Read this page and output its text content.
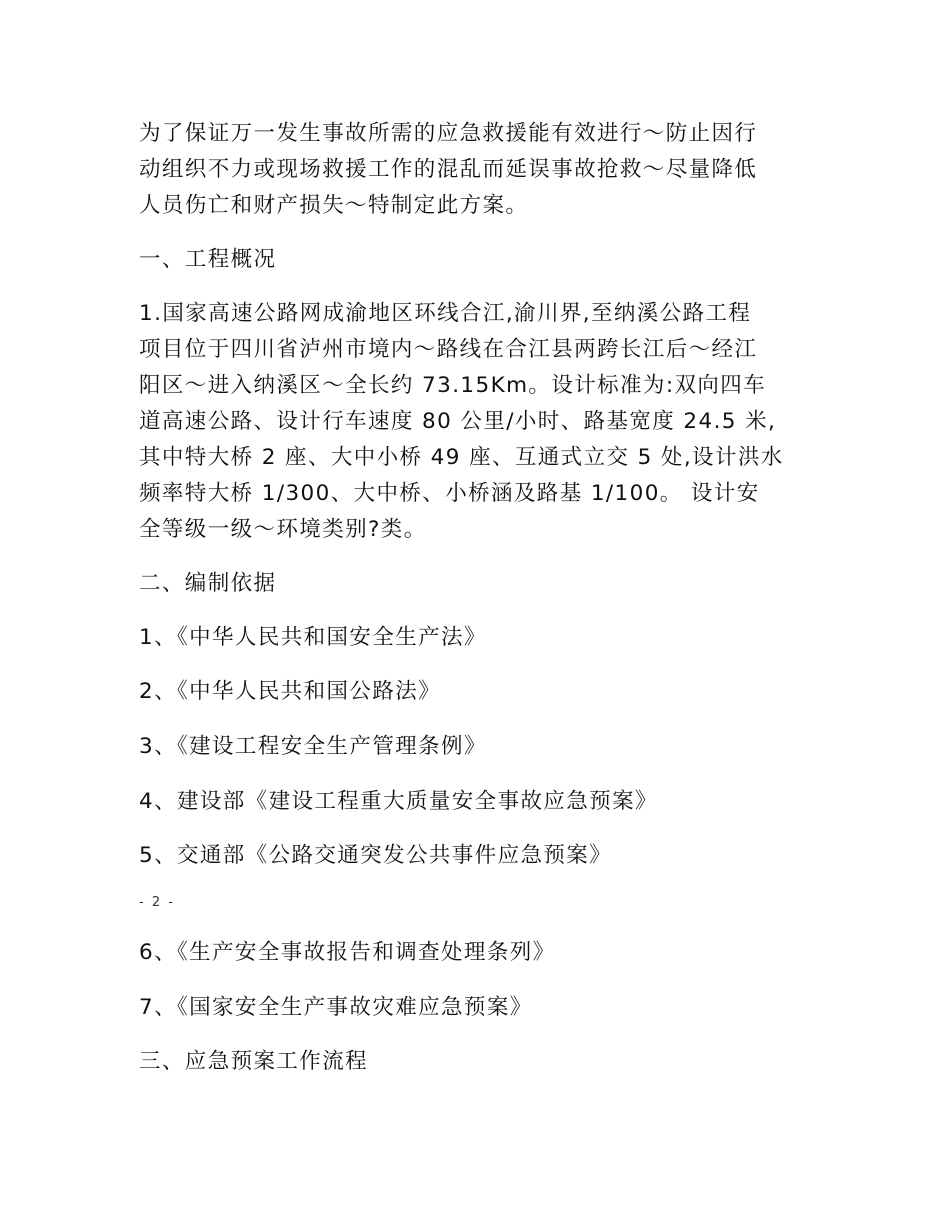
为了保证万一发生事故所需的应急救援能有效进行～防止因行
动组织不力或现场救援工作的混乱而延误事故抢救～尽量降低
人员伤亡和财产损失～特制定此方案。
一、工程概况
1.国家高速公路网成渝地区环线合江,渝川界,至纳溪公路工程
项目位于四川省泸州市境内～路线在合江县两跨长江后～经江
阳区～进入纳溪区～全长约 73.15Km。设计标准为:双向四车
道高速公路、设计行车速度 80 公里/小时、路基宽度 24.5 米,
其中特大桥 2 座、大中小桥 49 座、互通式立交 5 处,设计洪水
频率特大桥 1/300、大中桥、小桥涵及路基 1/100。 设计安
全等级一级～环境类别?类。
二、编制依据
1、《中华人民共和国安全生产法》
2、《中华人民共和国公路法》
3、《建设工程安全生产管理条例》
4、建设部《建设工程重大质量安全事故应急预案》
5、交通部《公路交通突发公共事件应急预案》
- 2 -
6、《生产安全事故报告和调查处理条列》
7、《国家安全生产事故灾难应急预案》
三、应急预案工作流程
